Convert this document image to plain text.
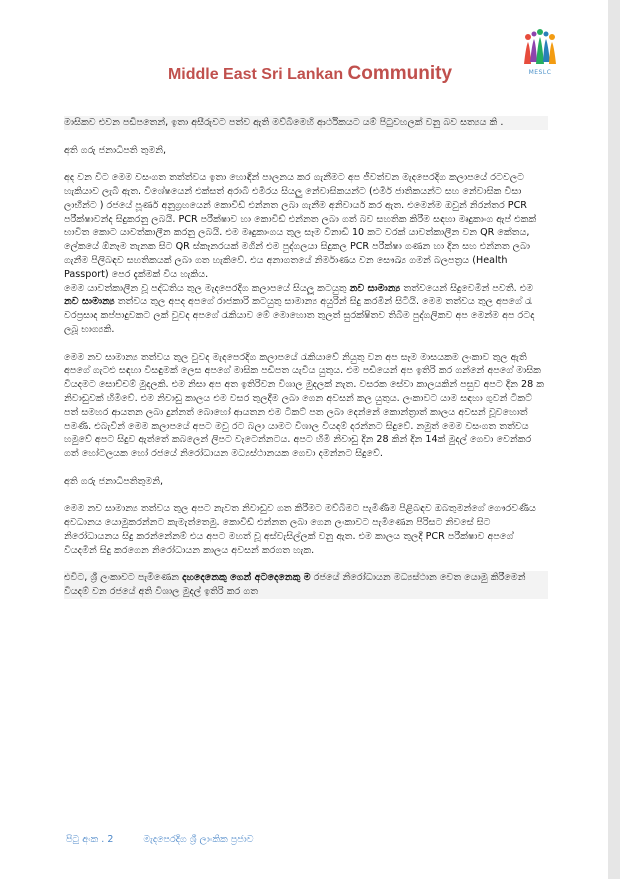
MESLC
Middle East Sri Lankan Community

මාසිකව එවන පඩිපතෙන්, ඉතා අසීරුවට පත්ව ඇති මව්බිමෙහි ආර්ථිකයට යම් පිටුවහලක් වනු බව සත්‍යය කි .

අති ගරු ජනාධිපති තුමනි,

අද වන විට මෙම වසංගත තත්ත්වය ඉතා හොඳින් පාලනය කර ගැනීමට අප ජීවත්වන මැදපෙරදිග කලාපයේ රටවලට හැකියාව ලැබී ඇත. විශේෂයෙන් එක්සත් අරාබි එමීරය සියලු නේවාසිකයන්ට (එමීර් ජාතිකයන්ට සහ නේවාසික වීසා ලාභීන්ට ) රජයේ පූර්ණ අනුග්‍රහයෙන් කොවිඩ් එන්නත ලබා ගැනීම අනිවාර්ය කර ඇත. එමෙන්ම ඔවුන් නිරන්තර PCR පරීක්ෂාවන්ද සිදුකරනු ලබයි. PCR පරීක්ෂාව හා කොවිඩ් එන්නත ලබා ගත් බව සහතික කිරීම සඳහා මෘදුකාංග ඇප් එකක් භාවිත කොට යාවත්කාලීන කරනු ලබයි. එම මෘදුකාංගය තුල සෑම විනාඩි 10 කට වරක් යාවත්කාලීන වන QR කේතය, ලේකයේ ඕනෑම තැනක සිට QR ස්කෑනරයක් මගින් එම පුද්ගලයා සිදුකල PCR පරීක්ෂා ගණන හා දින සහ එන්නත ලබා ගැනීම පිලිබඳව සහතිකයක් ලබා ගත හැකිවේ. එය අනාගතයේ නිර්මාණය වන සෞඛ්‍ය ගමන් බලපත්‍රය (Health Passport) පෙර දැක්මක් විය හැකිය.

මෙම යාවත්කාලීන වූ පද්ධතිය තුල මැදපෙරදිග කලාපයේ සියලූ කටයුතු නව සාමාන්‍ය තත්වයෙන් සිදුවෙමින් පවතී. එම නව සාමාන්‍ය තත්වය තුල අපද අපගේ රාජකාරි කටයුතු සාමාන්‍ය අයුරින් සිදු කරමින් සිටියි. මෙම තත්වය තුල අපගේ රැ වරප්‍රසාද කප්පාදුවකට ලක් වුවද අපගේ රැකියාව මේ මොහොත තුලත් සුරක්ෂිතව තිබීම පුද්ගලිකව අප මෙන්ම අප රටද ලබූ භාග්‍යකි.

මෙම නව සාමාන්‍ය තත්වය තුල වුවද මැදපෙරදිග කලාපයේ රැකියාවේ නියුතු වන අප සෑම මාසයකම ලංකාව තුල ඇති අපගේ ගැටළු සඳහා විසඳුමක් ලෙස අපගේ මාසික පඩිපත යැවීය යුතුය. එම පඩියෙන් අප ඉතිරි කර ගන්නේ අපගේ මාසික වියදමට සොච්චම් මුදලකි. එම නිසා අප අත ඉතිරිවන විශාල මුදලක් නැත. වසරක සේවා කාලයකින් පසුව අපට දින 28 ක නිවාඩුවක් හිමිවේ. එම නිවාඩු කාලය එම වසර තුලදීම ලබා ගෙන අවසන් කල යුතුය. ලංකාවට යාම සඳහා ගුවන් ටිකට් පත් සමහර ආයතන ලබා දුන්නත් බොහෝ ආයතන එම ටිකට් පත ලබා දෙන්නේ කොන්ත්‍රාත් කාලය අවසන් වූවහොත් පමණි. එබැවින් මෙම කලාපයේ අපට මවු රට බලා යාමට විශාල වියදම් දරන්නට සිදුවේ. නමුත් මෙම වසංගත තත්වය හමුවේ අපට සිදුව ඇත්තේ කබලෙන් ලිපට වැටෙන්නටය. අපට හිමි නිවාඩු දින 28 කින් දින 14ක් මුදල් ගෙවා වෙන්කර ගත් හෝටලයක හෝ රජයේ නිරෝධායන මධ්‍යස්ථානයක ගෙවා දමන්නට සිදුවේ.

අති ගරු ජනාධිපතිතුමනි,

මෙම නව සාමාන්‍ය තත්වය තුල අපට නැවත නිවාඩුව ගත කිරීමට මව්බිමට පැමිණීම පිළිබඳව ඔබතුමන්ගේ ගෞරවණීය අවධානය යොමුකරන්නට කැමැත්තෙමු. කොවිඩ් එන්නත ලබා ගෙන ලංකාවට පැමිණෙන පිරිසට නිවසේ සිට නිරෝධායනය සිදු කරන්නේනම් එය අපට මහත් වූ අස්වැසිල්ලක් වනු ඇත. එම කාලය තුලදී PCR පරීක්ෂාව අපගේ වියදමින් සිදු කරගෙන නිරෝධායන කාලය අවසන් කරගත හැක.

එවිට, ශ්‍රී ලංකාවට පැමිණෙන දහදෙනෙකු ගෙන් අටදෙනෙකු ම රජයේ නිරෝධායන මධ්‍යස්ථාන වෙත යොමු කිරීමෙන් වියදම් වන රජයේ අති විශාල මුදල් ඉතිරි කර ගත

පිටු අංක . 2	මැදපෙරදිග ශ්‍රී ලාංකික ප්‍රජාව
